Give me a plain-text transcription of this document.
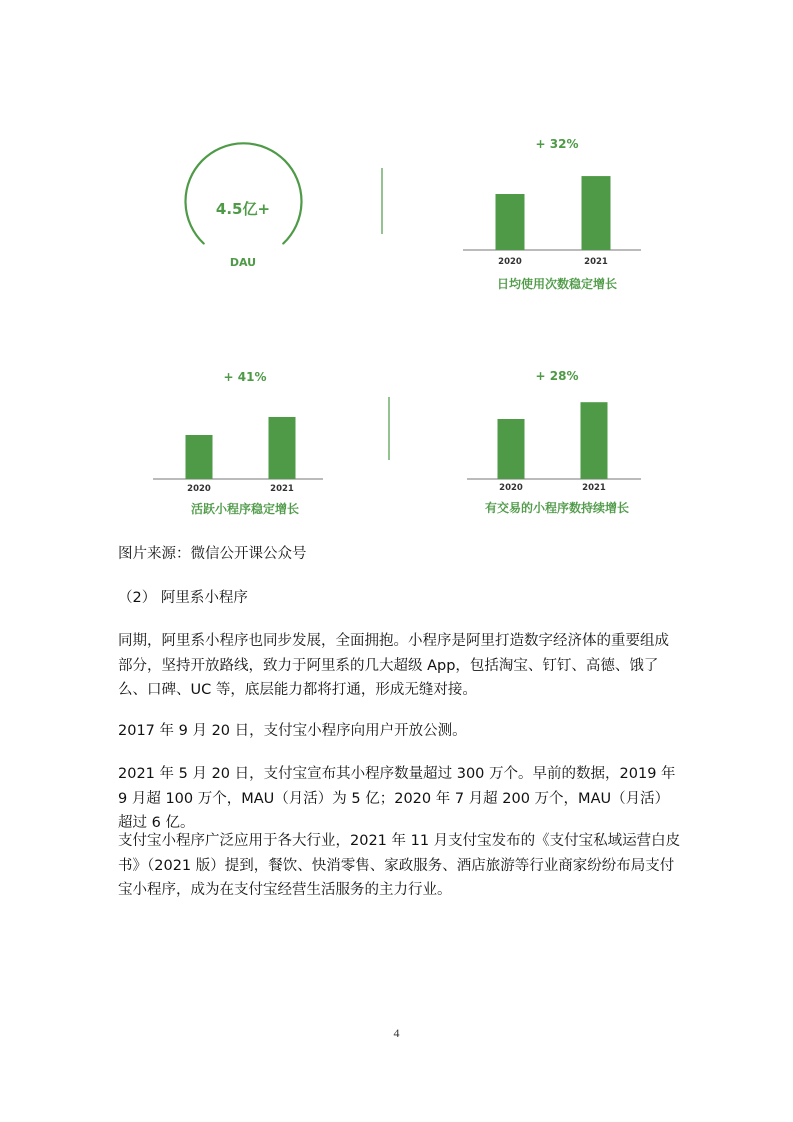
4.5亿+
DAU	2020	2021
+ 32%
日均使用次数稳定增长
2020	2021
+ 41%
活跃小程序稳定增长
2020	2021
+ 28%
有交易的小程序数持续增长

图片来源：微信公开课公众号

（2） 阿里系小程序

同期，阿里系小程序也同步发展，全面拥抱。小程序是阿里打造数字经济体的重要组成部分，坚持开放路线，致力于阿里系的几大超级 App，包括淘宝、钉钉、高德、饿了么、口碑、UC 等，底层能力都将打通，形成无缝对接。

2017 年 9 月 20 日，支付宝小程序向用户开放公测。

2021 年 5 月 20 日，支付宝宣布其小程序数量超过 300 万个。早前的数据，2019 年 9 月超 100 万个，MAU（月活）为 5 亿；2020 年 7 月超 200 万个，MAU（月活）超过 6 亿。

支付宝小程序广泛应用于各大行业，2021 年 11 月支付宝发布的《支付宝私域运营白皮书》（2021 版）提到，餐饮、快消零售、家政服务、酒店旅游等行业商家纷纷布局支付宝小程序，成为在支付宝经营生活服务的主力行业。

4
